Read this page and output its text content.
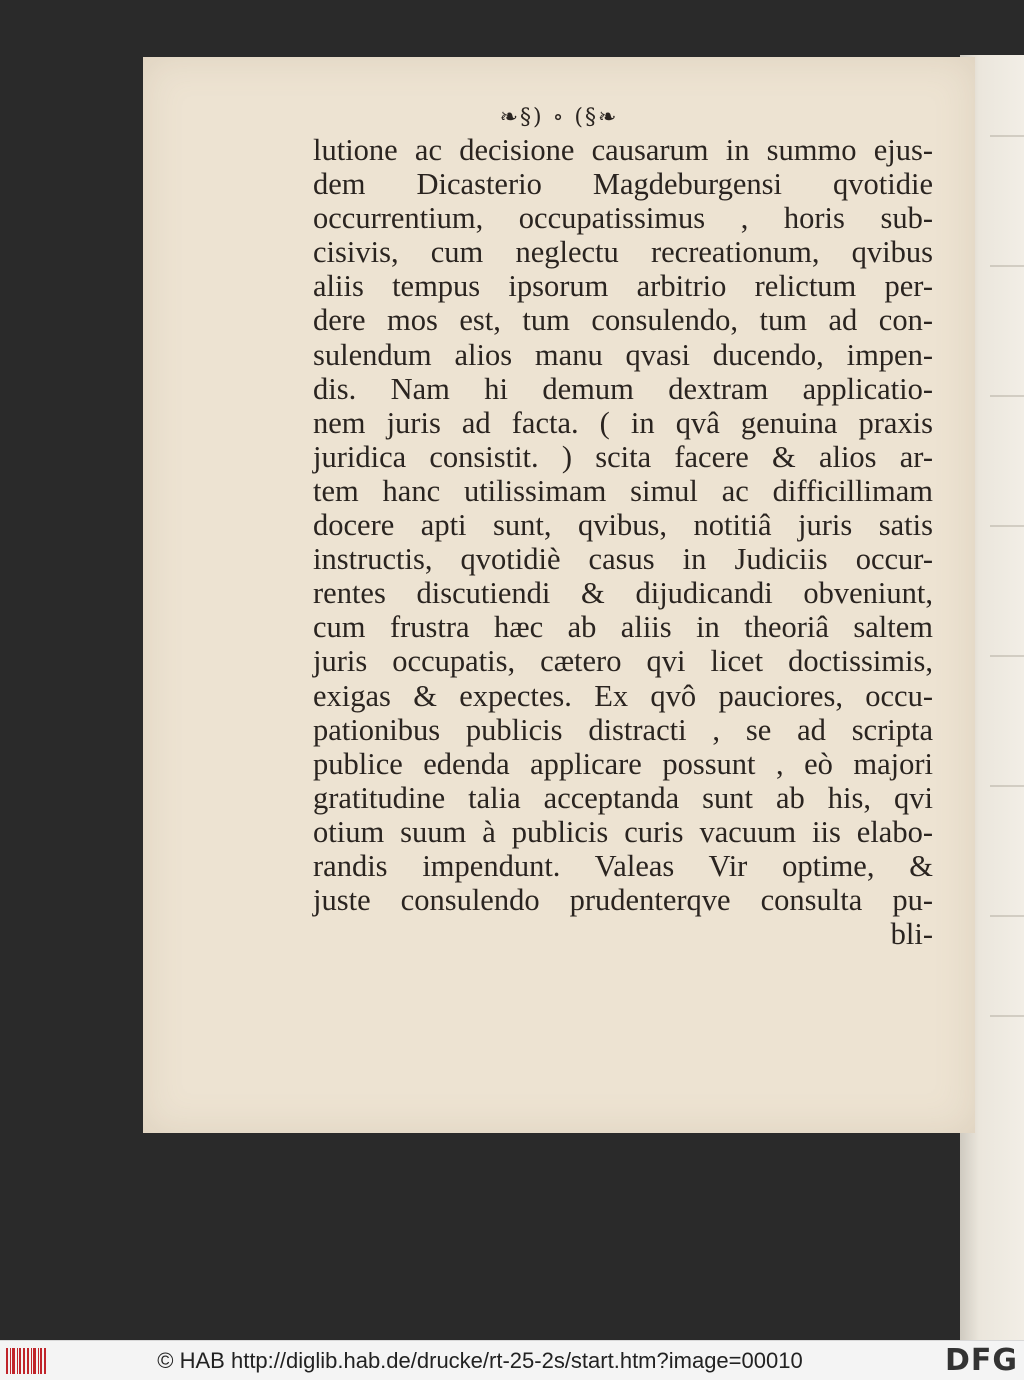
❧§) ∘ (§❧
lutione ac decisione causarum in summo ejus-
dem Dicasterio Magdeburgensi qvotidie
occurrentium, occupatissimus , horis sub-
cisivis, cum neglectu recreationum, qvibus
aliis tempus ipsorum arbitrio relictum per-
dere mos est, tum consulendo, tum ad con-
sulendum alios manu qvasi ducendo, impen-
dis. Nam hi demum dextram applicatio-
nem juris ad facta. ( in qvâ genuina praxis
juridica consistit. ) scita facere & alios ar-
tem hanc utilissimam simul ac difficillimam
docere apti sunt, qvibus, notitiâ juris satis
instructis, qvotidiè casus in Judiciis occur-
rentes discutiendi & dijudicandi obveniunt,
cum frustra hæc ab aliis in theoriâ saltem
juris occupatis, cætero qvi licet doctissimis,
exigas & expectes. Ex qvô pauciores, occu-
pationibus publicis distracti , se ad scripta
publice edenda applicare possunt , eò majori
gratitudine talia acceptanda sunt ab his, qvi
otium suum à publicis curis vacuum iis elabo-
randis impendunt. Valeas Vir optime, &
juste consulendo prudenterqve consulta pu-
bli-
© HAB http://diglib.hab.de/drucke/rt-25-2s/start.htm?image=00010	DFG
